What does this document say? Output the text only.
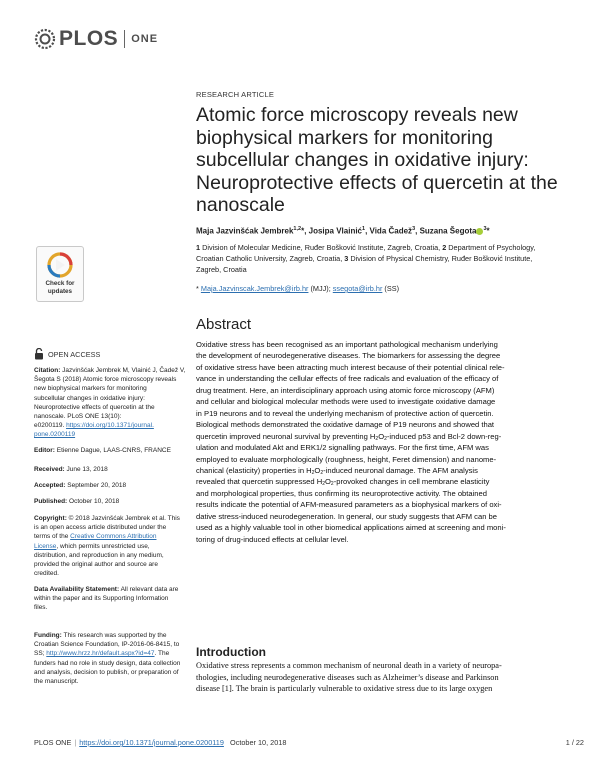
PLOS ONE
RESEARCH ARTICLE
Atomic force microscopy reveals new
biophysical markers for monitoring
subcellular changes in oxidative injury:
Neuroprotective effects of quercetin at the
nanoscale
Maja Jazvinšćak Jembrek$^{1,2}$*, Josipa Vlainić$^1$, Vida Čadež$^3$, Suzana Šegota $^3$*
1 Division of Molecular Medicine, Ruđer Bošković Institute, Zagreb, Croatia, 2 Department of Psychology,
Croatian Catholic University, Zagreb, Croatia, 3 Division of Physical Chemistry, Ruđer Bošković Institute,
Zagreb, Croatia
* Maja.Jazvinscak.Jembrek@irb.hr (MJJ); ssegota@irb.hr (SS)
Check for
updates
OPEN ACCESS
Citation: Jazvinšćak Jembrek M, Vlainić J, Čadež V,
Šegota S (2018) Atomic force microscopy reveals
new biophysical markers for monitoring
subcellular changes in oxidative injury:
Neuroprotective effects of quercetin at the
nanoscale. PLoS ONE 13(10):
e0200119. https://doi.org/10.1371/journal.
pone.0200119
Editor: Etienne Dague, LAAS-CNRS, FRANCE
Received: June 13, 2018
Accepted: September 20, 2018
Published: October 10, 2018
Copyright: © 2018 Jazvinšćak Jembrek et al. This
is an open access article distributed under the
terms of the Creative Commons Attribution
License, which permits unrestricted use,
distribution, and reproduction in any medium,
provided the original author and source are
credited.
Data Availability Statement: All relevant data are
within the paper and its Supporting Information
files.
Funding: This research was supported by the
Croatian Science Foundation, IP-2016-06-8415, to
SS; http://www.hrzz.hr/default.aspx?id=47. The
funders had no role in study design, data collection
and analysis, decision to publish, or preparation of
the manuscript.
Abstract
Oxidative stress has been recognised as an important pathological mechanism underlying
the development of neurodegenerative diseases. The biomarkers for assessing the degree
of oxidative stress have been attracting much interest because of their potential clinical rele-
vance in understanding the cellular effects of free radicals and evaluation of the efficacy of
drug treatment. Here, an interdisciplinary approach using atomic force microscopy (AFM)
and cellular and biological molecular methods were used to investigate oxidative damage
in P19 neurons and to reveal the underlying mechanism of protective action of quercetin.
Biological methods demonstrated the oxidative damage of P19 neurons and showed that
quercetin improved neuronal survival by preventing $H_2O_2$-induced p53 and Bcl-2 down-reg-
ulation and modulated Akt and ERK1/2 signalling pathways. For the first time, AFM was
employed to evaluate morphologically (roughness, height, Feret dimension) and nanome-
chanical (elasticity) properties in $H_2O_2$-induced neuronal damage. The AFM analysis
revealed that quercetin suppressed $H_2O_2$-provoked changes in cell membrane elasticity
and morphological properties, thus confirming its neuroprotective activity. The obtained
results indicate the potential of AFM-measured parameters as a biophysical markers of oxi-
dative stress-induced neurodegeneration. In general, our study suggests that AFM can be
used as a highly valuable tool in other biomedical applications aimed at screening and moni-
toring of drug-induced effects at cellular level.
Introduction
Oxidative stress represents a common mechanism of neuronal death in a variety of neuropa-
thologies, including neurodegenerative diseases such as Alzheimer’s disease and Parkinson
disease [1]. The brain is particularly vulnerable to oxidative stress due to its large oxygen
PLOS ONE | https://doi.org/10.1371/journal.pone.0200119 October 10, 2018	1 / 22
